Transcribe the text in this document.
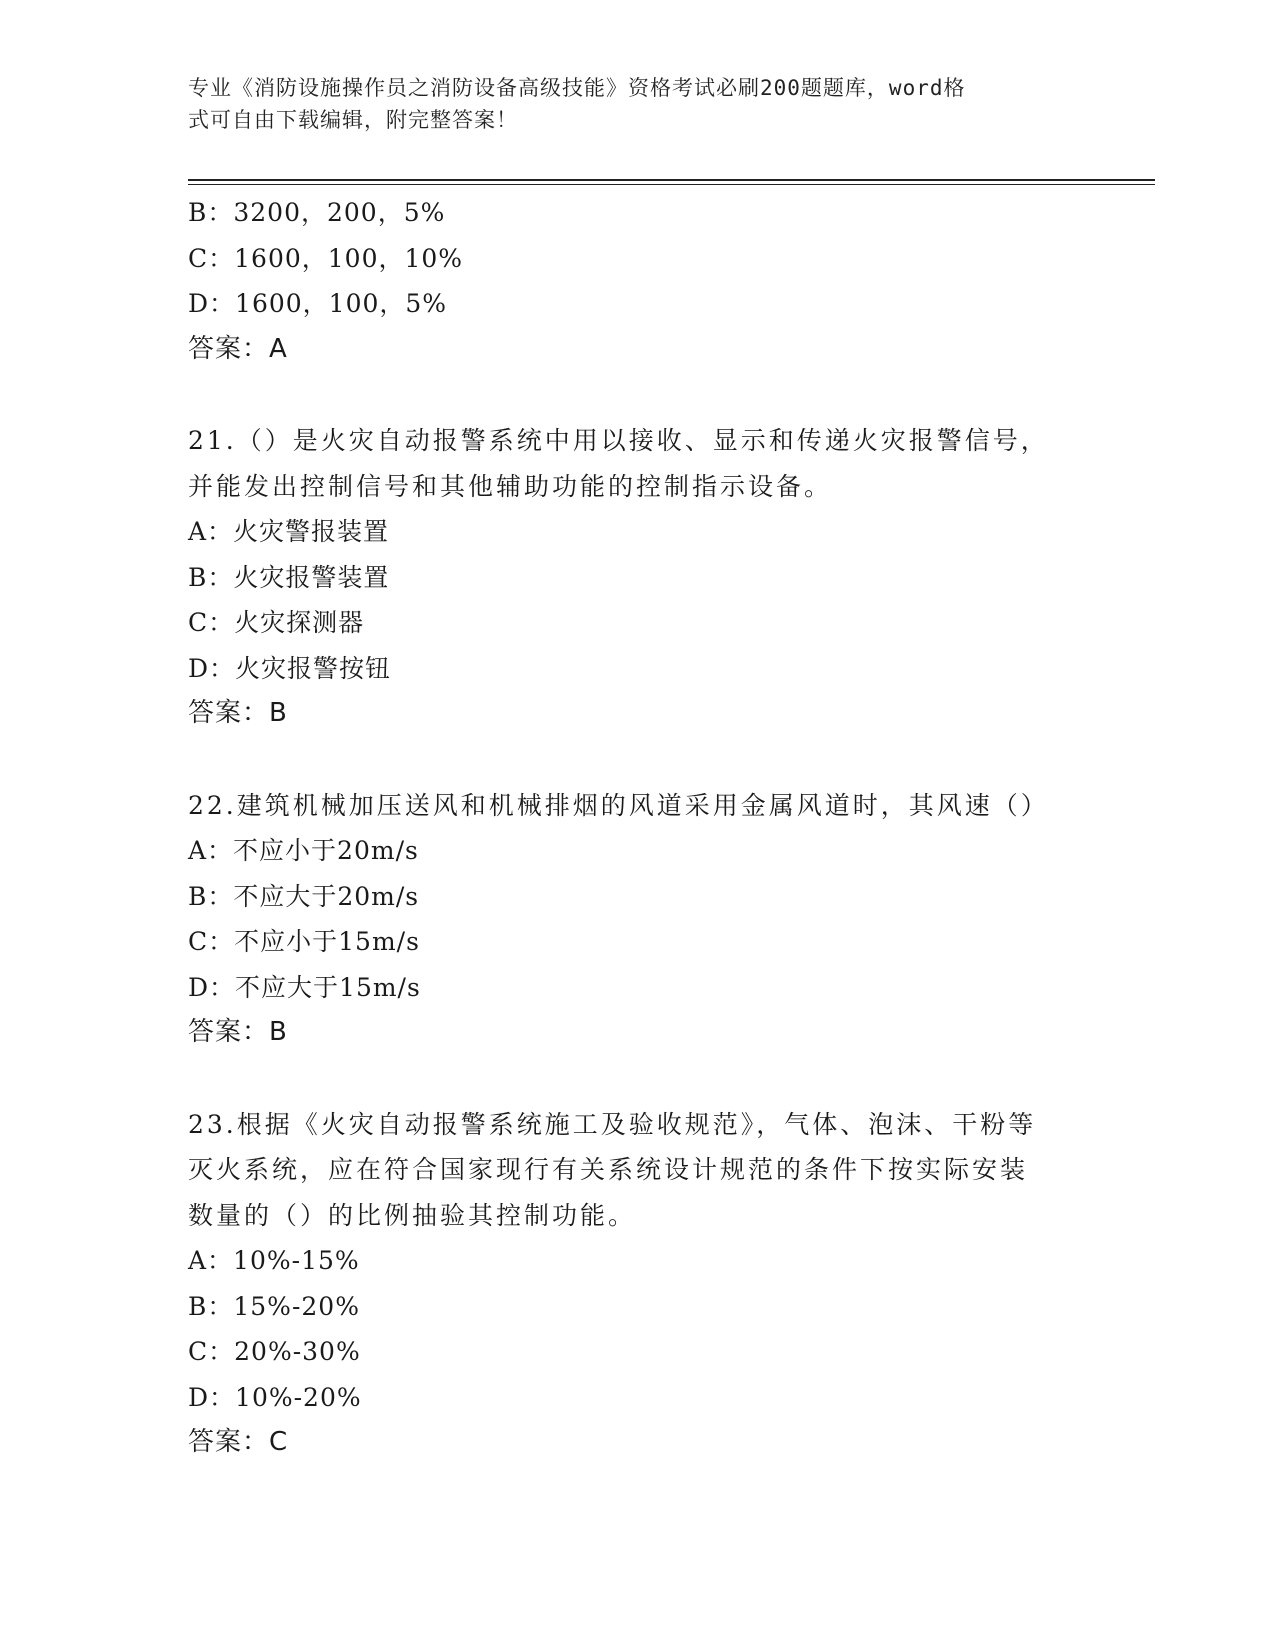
专业《消防设施操作员之消防设备高级技能》资格考试必刷200题题库，word格
式可自由下载编辑，附完整答案！
B：3200，200，5%
C：1600，100，10%
D：1600，100，5%
答案：A
21.（）是火灾自动报警系统中用以接收、显示和传递火灾报警信号，
并能发出控制信号和其他辅助功能的控制指示设备。
A：火灾警报装置
B：火灾报警装置
C：火灾探测器
D：火灾报警按钮
答案：B
22.建筑机械加压送风和机械排烟的风道采用金属风道时，其风速（）
A：不应小于20m/s
B：不应大于20m/s
C：不应小于15m/s
D：不应大于15m/s
答案：B
23.根据《火灾自动报警系统施工及验收规范》，气体、泡沫、干粉等
灭火系统，应在符合国家现行有关系统设计规范的条件下按实际安装
数量的（）的比例抽验其控制功能。
A：10%-15%
B：15%-20%
C：20%-30%
D：10%-20%
答案：C
